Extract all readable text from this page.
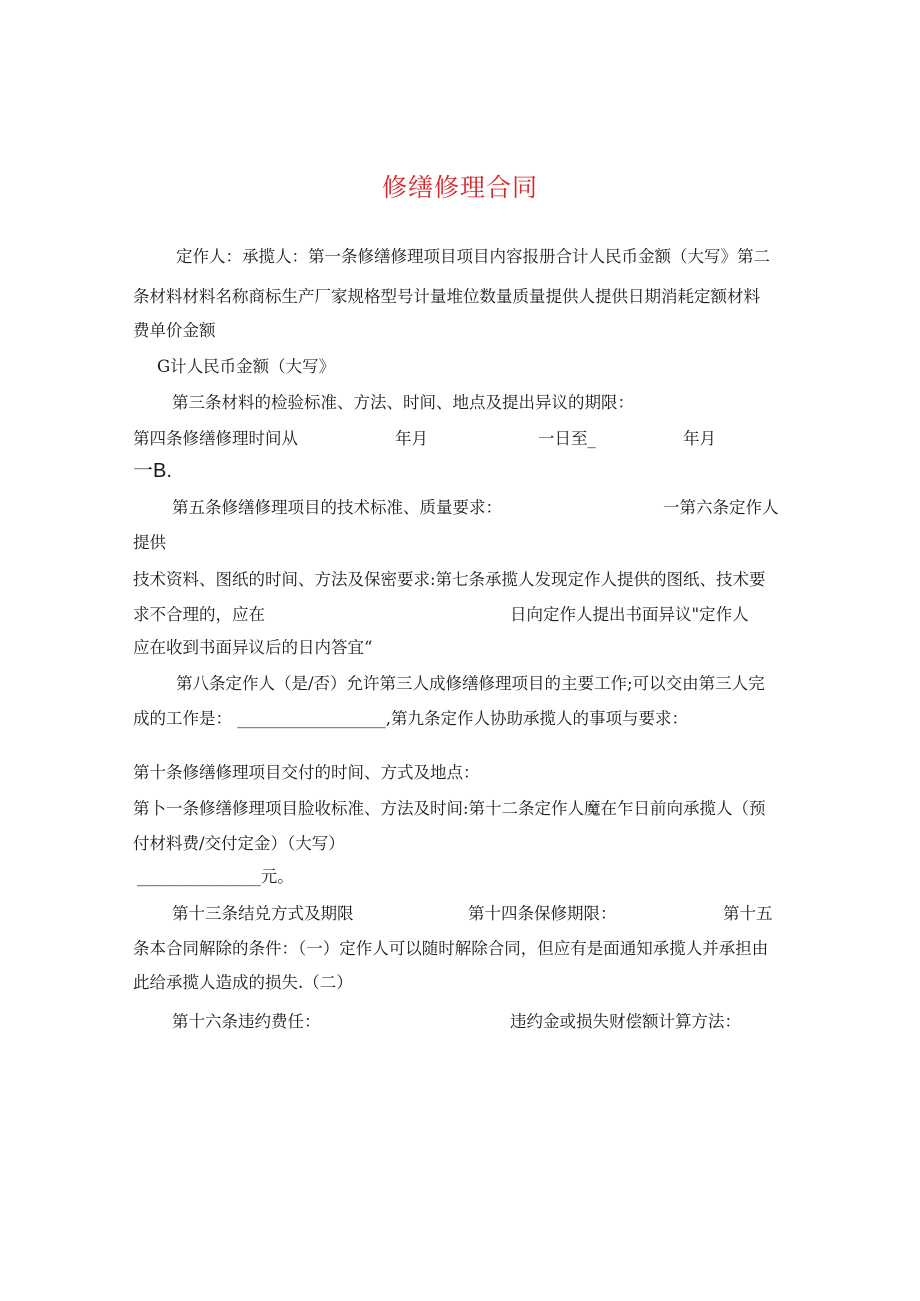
修缮修理合同
定作人：承揽人：第一条修缮修理项目项目内容报册合计人民币金额（大写》第二
条材料材料名称商标生产厂家规格型号计量堆位数量质量提供人提供日期消耗定额材料
费单价金额
G计人民币金额（大写》
第三条材料的检验标准、方法、时间、地点及提出异议的期限：
第四条修缮修理时间从	年月	一日至_	年月
一B.
第五条修缮修理项目的技术标准、质量要求：	一第六条定作人
提供
技术资料、图纸的时间、方法及保密要求:第七条承揽人发现定作人提供的图纸、技术要
求不合理的，应在	日向定作人提出书面异议"定作人
应在收到书面异议后的日内答宜“
第八条定作人（是/否）允许第三人成修缮修理项目的主要工作;可以交由第三人完
成的工作是： __________________,第九条定作人协助承揽人的事项与要求：
第十条修缮修理项目交付的时间、方式及地点：
第卜一条修缮修理项目脸收标准、方法及时间:第十二条定作人魔在乍日前向承揽人（预
付材料费/交付定金）（大写）
_______________元。
第十三条结兑方式及期限	第十四条保修期限：	第十五
条本合同解除的条件：（一）定作人可以随时解除合同，但应有是面通知承揽人并承担由
此给承揽人造成的损失.（二）
第十六条违约费任：	违约金或损失财偿额计算方法：
